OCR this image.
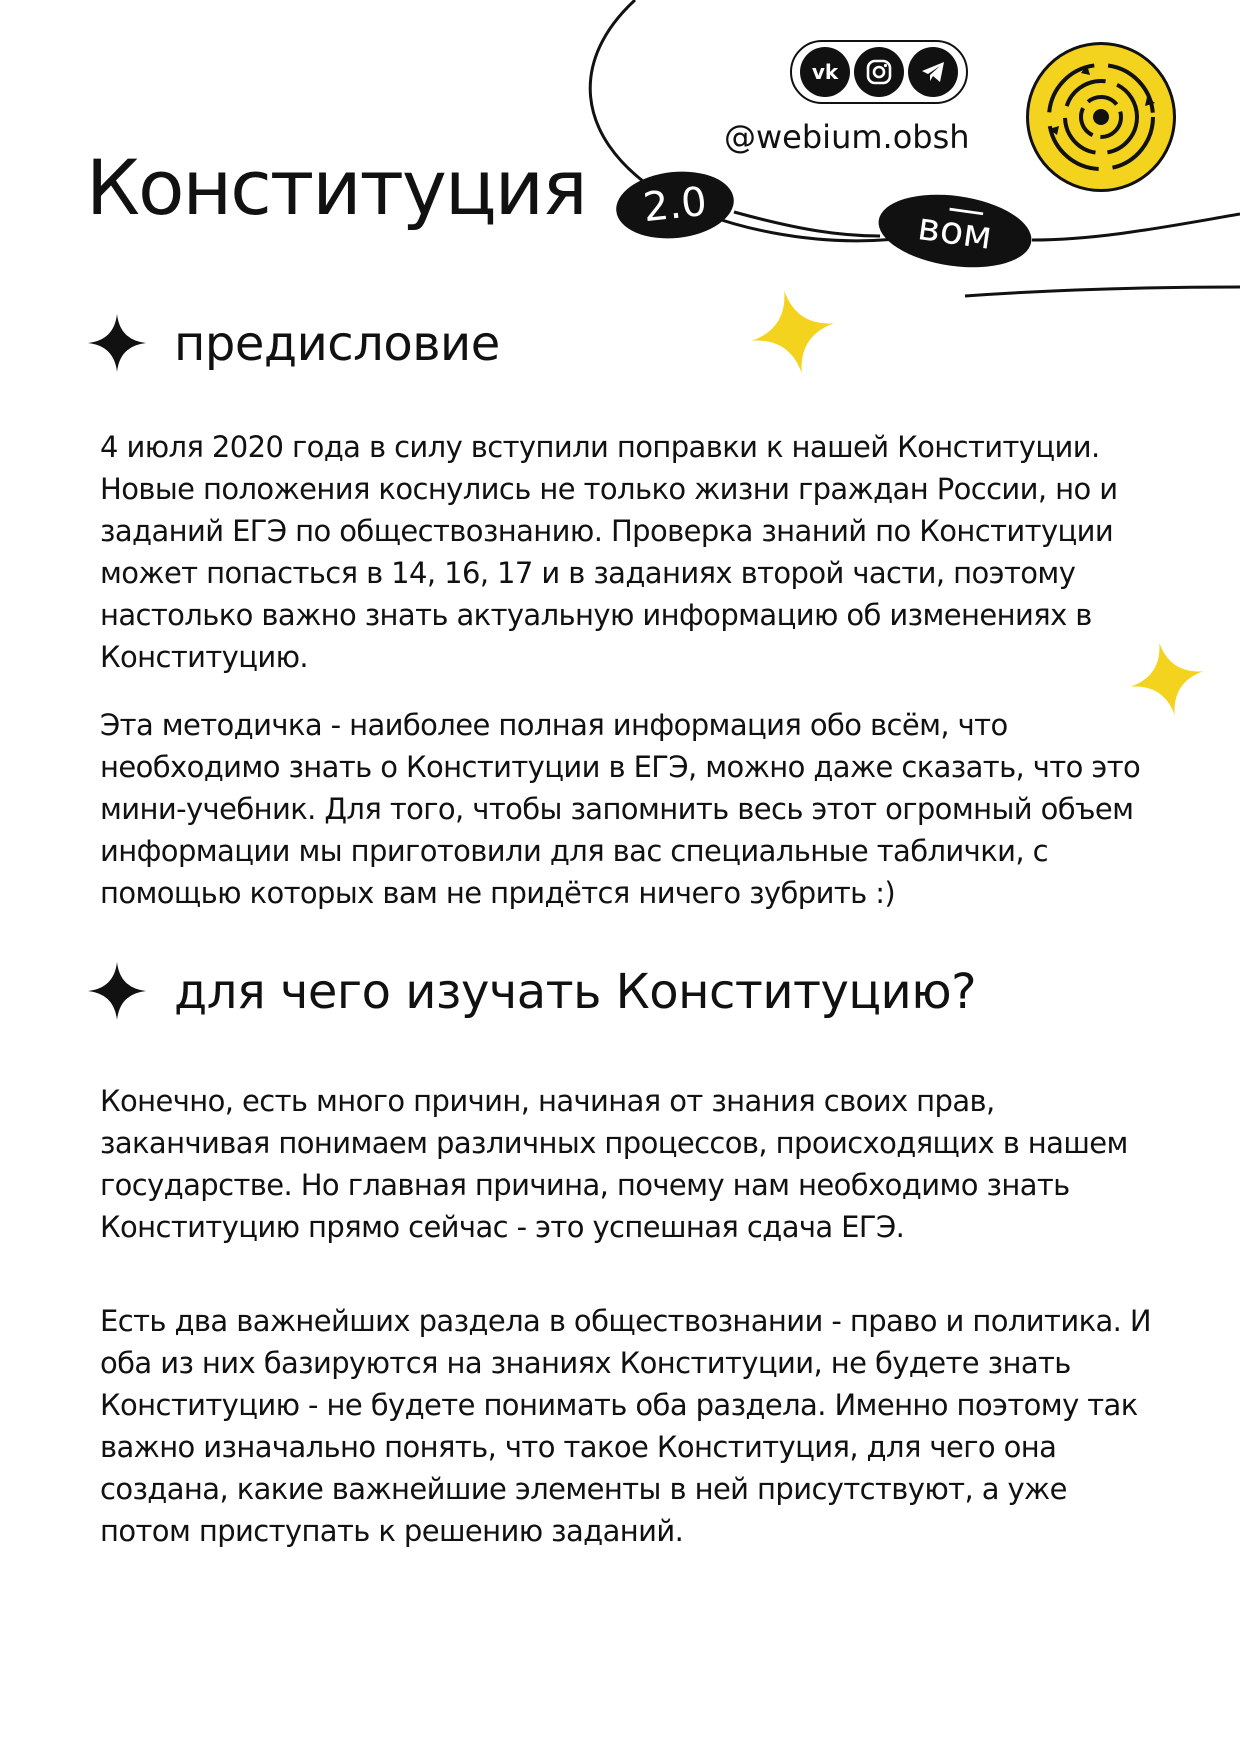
Конституция	2.0	вo͞м
vk
@webium.obsh
предисловие

4 июля 2020 года в силу вступили поправки к нашей Конституции. Новые положения коснулись не только жизни граждан России, но и заданий ЕГЭ по обществознанию. Проверка знаний по Конституции может попасться в 14, 16, 17 и в заданиях второй части, поэтому настолько важно знать актуальную информацию об изменениях в Конституцию.

Эта методичка - наиболее полная информация обо всём, что необходимо знать о Конституции в ЕГЭ, можно даже сказать, что это мини-учебник. Для того, чтобы запомнить весь этот огромный объем информации мы приготовили для вас специальные таблички, с помощью которых вам не придётся ничего зубрить :)

для чего изучать Конституцию?

Конечно, есть много причин, начиная от знания своих прав, заканчивая понимаем различных процессов, происходящих в нашем государстве. Но главная причина, почему нам необходимо знать Конституцию прямо сейчас - это успешная сдача ЕГЭ.

Есть два важнейших раздела в обществознании - право и политика. И оба из них базируются на знаниях Конституции, не будете знать Конституцию - не будете понимать оба раздела. Именно поэтому так важно изначально понять, что такое Конституция, для чего она создана, какие важнейшие элементы в ней присутствуют, а уже потом приступать к решению заданий.
